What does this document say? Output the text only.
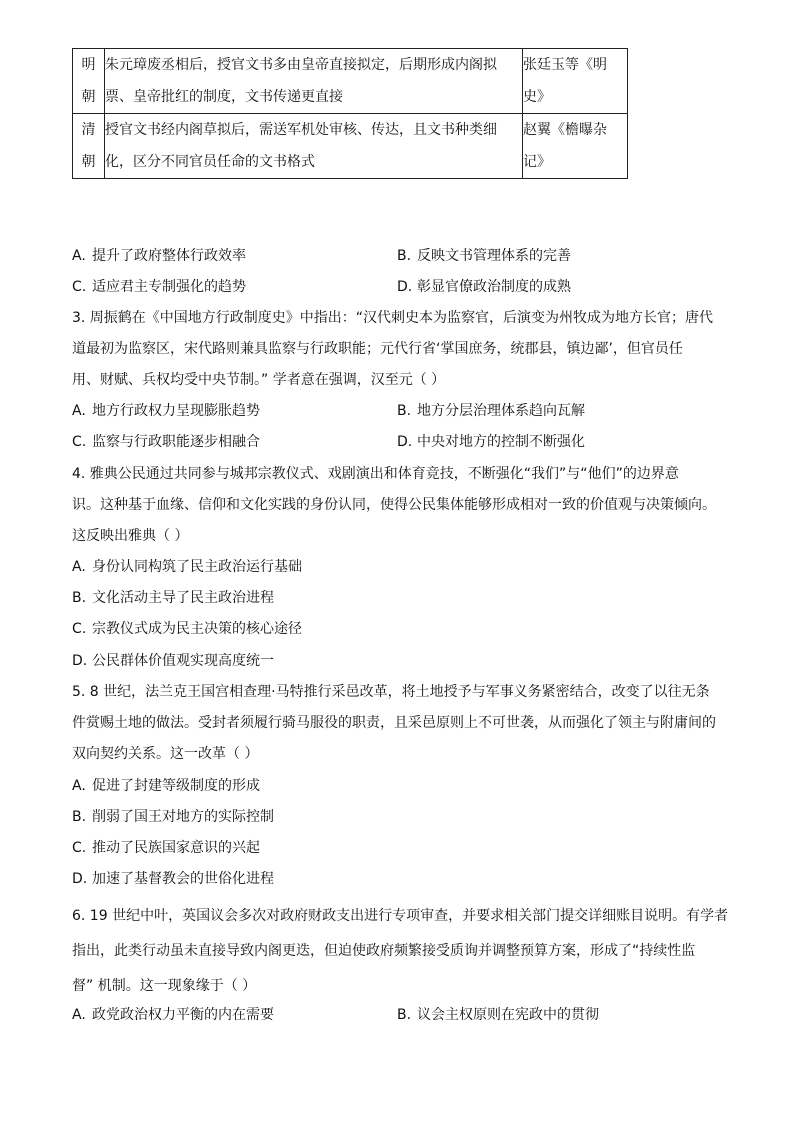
明
朝	朱元璋废丞相后，授官文书多由皇帝直接拟定，后期形成内阁拟票、皇帝批红的制度，文书传递更直接	张廷玉等《明史》

清
朝	授官文书经内阁草拟后，需送军机处审核、传达，且文书种类细化，区分不同官员任命的文书格式	赵翼《檐曝杂记》
A. 提升了政府整体行政效率	B. 反映文书管理体系的完善
C. 适应君主专制强化的趋势	D. 彰显官僚政治制度的成熟
3. 周振鹤在《中国地方行政制度史》中指出：“汉代刺史本为监察官，后演变为州牧成为地方长官；唐代
道最初为监察区，宋代路则兼具监察与行政职能；元代行省‘掌国庶务，统郡县，镇边鄙’，但官员任
用、财赋、兵权均受中央节制。” 学者意在强调，汉至元（ ）
A. 地方行政权力呈现膨胀趋势	B. 地方分层治理体系趋向瓦解
C. 监察与行政职能逐步相融合	D. 中央对地方的控制不断强化
4. 雅典公民通过共同参与城邦宗教仪式、戏剧演出和体育竞技，不断强化“我们”与“他们”的边界意
识。这种基于血缘、信仰和文化实践的身份认同，使得公民集体能够形成相对一致的价值观与决策倾向。
这反映出雅典（ ）
A. 身份认同构筑了民主政治运行基础
B. 文化活动主导了民主政治进程
C. 宗教仪式成为民主决策的核心途径
D. 公民群体价值观实现高度统一
5. 8 世纪，法兰克王国宫相查理·马特推行采邑改革，将土地授予与军事义务紧密结合，改变了以往无条
件赏赐土地的做法。受封者须履行骑马服役的职责，且采邑原则上不可世袭，从而强化了领主与附庸间的
双向契约关系。这一改革（ ）
A. 促进了封建等级制度的形成
B. 削弱了国王对地方的实际控制
C. 推动了民族国家意识的兴起
D. 加速了基督教会的世俗化进程
6. 19 世纪中叶，英国议会多次对政府财政支出进行专项审查，并要求相关部门提交详细账目说明。有学者
指出，此类行动虽未直接导致内阁更迭，但迫使政府频繁接受质询并调整预算方案，形成了“持续性监
督” 机制。这一现象缘于（ ）
A. 政党政治权力平衡的内在需要	B. 议会主权原则在宪政中的贯彻
